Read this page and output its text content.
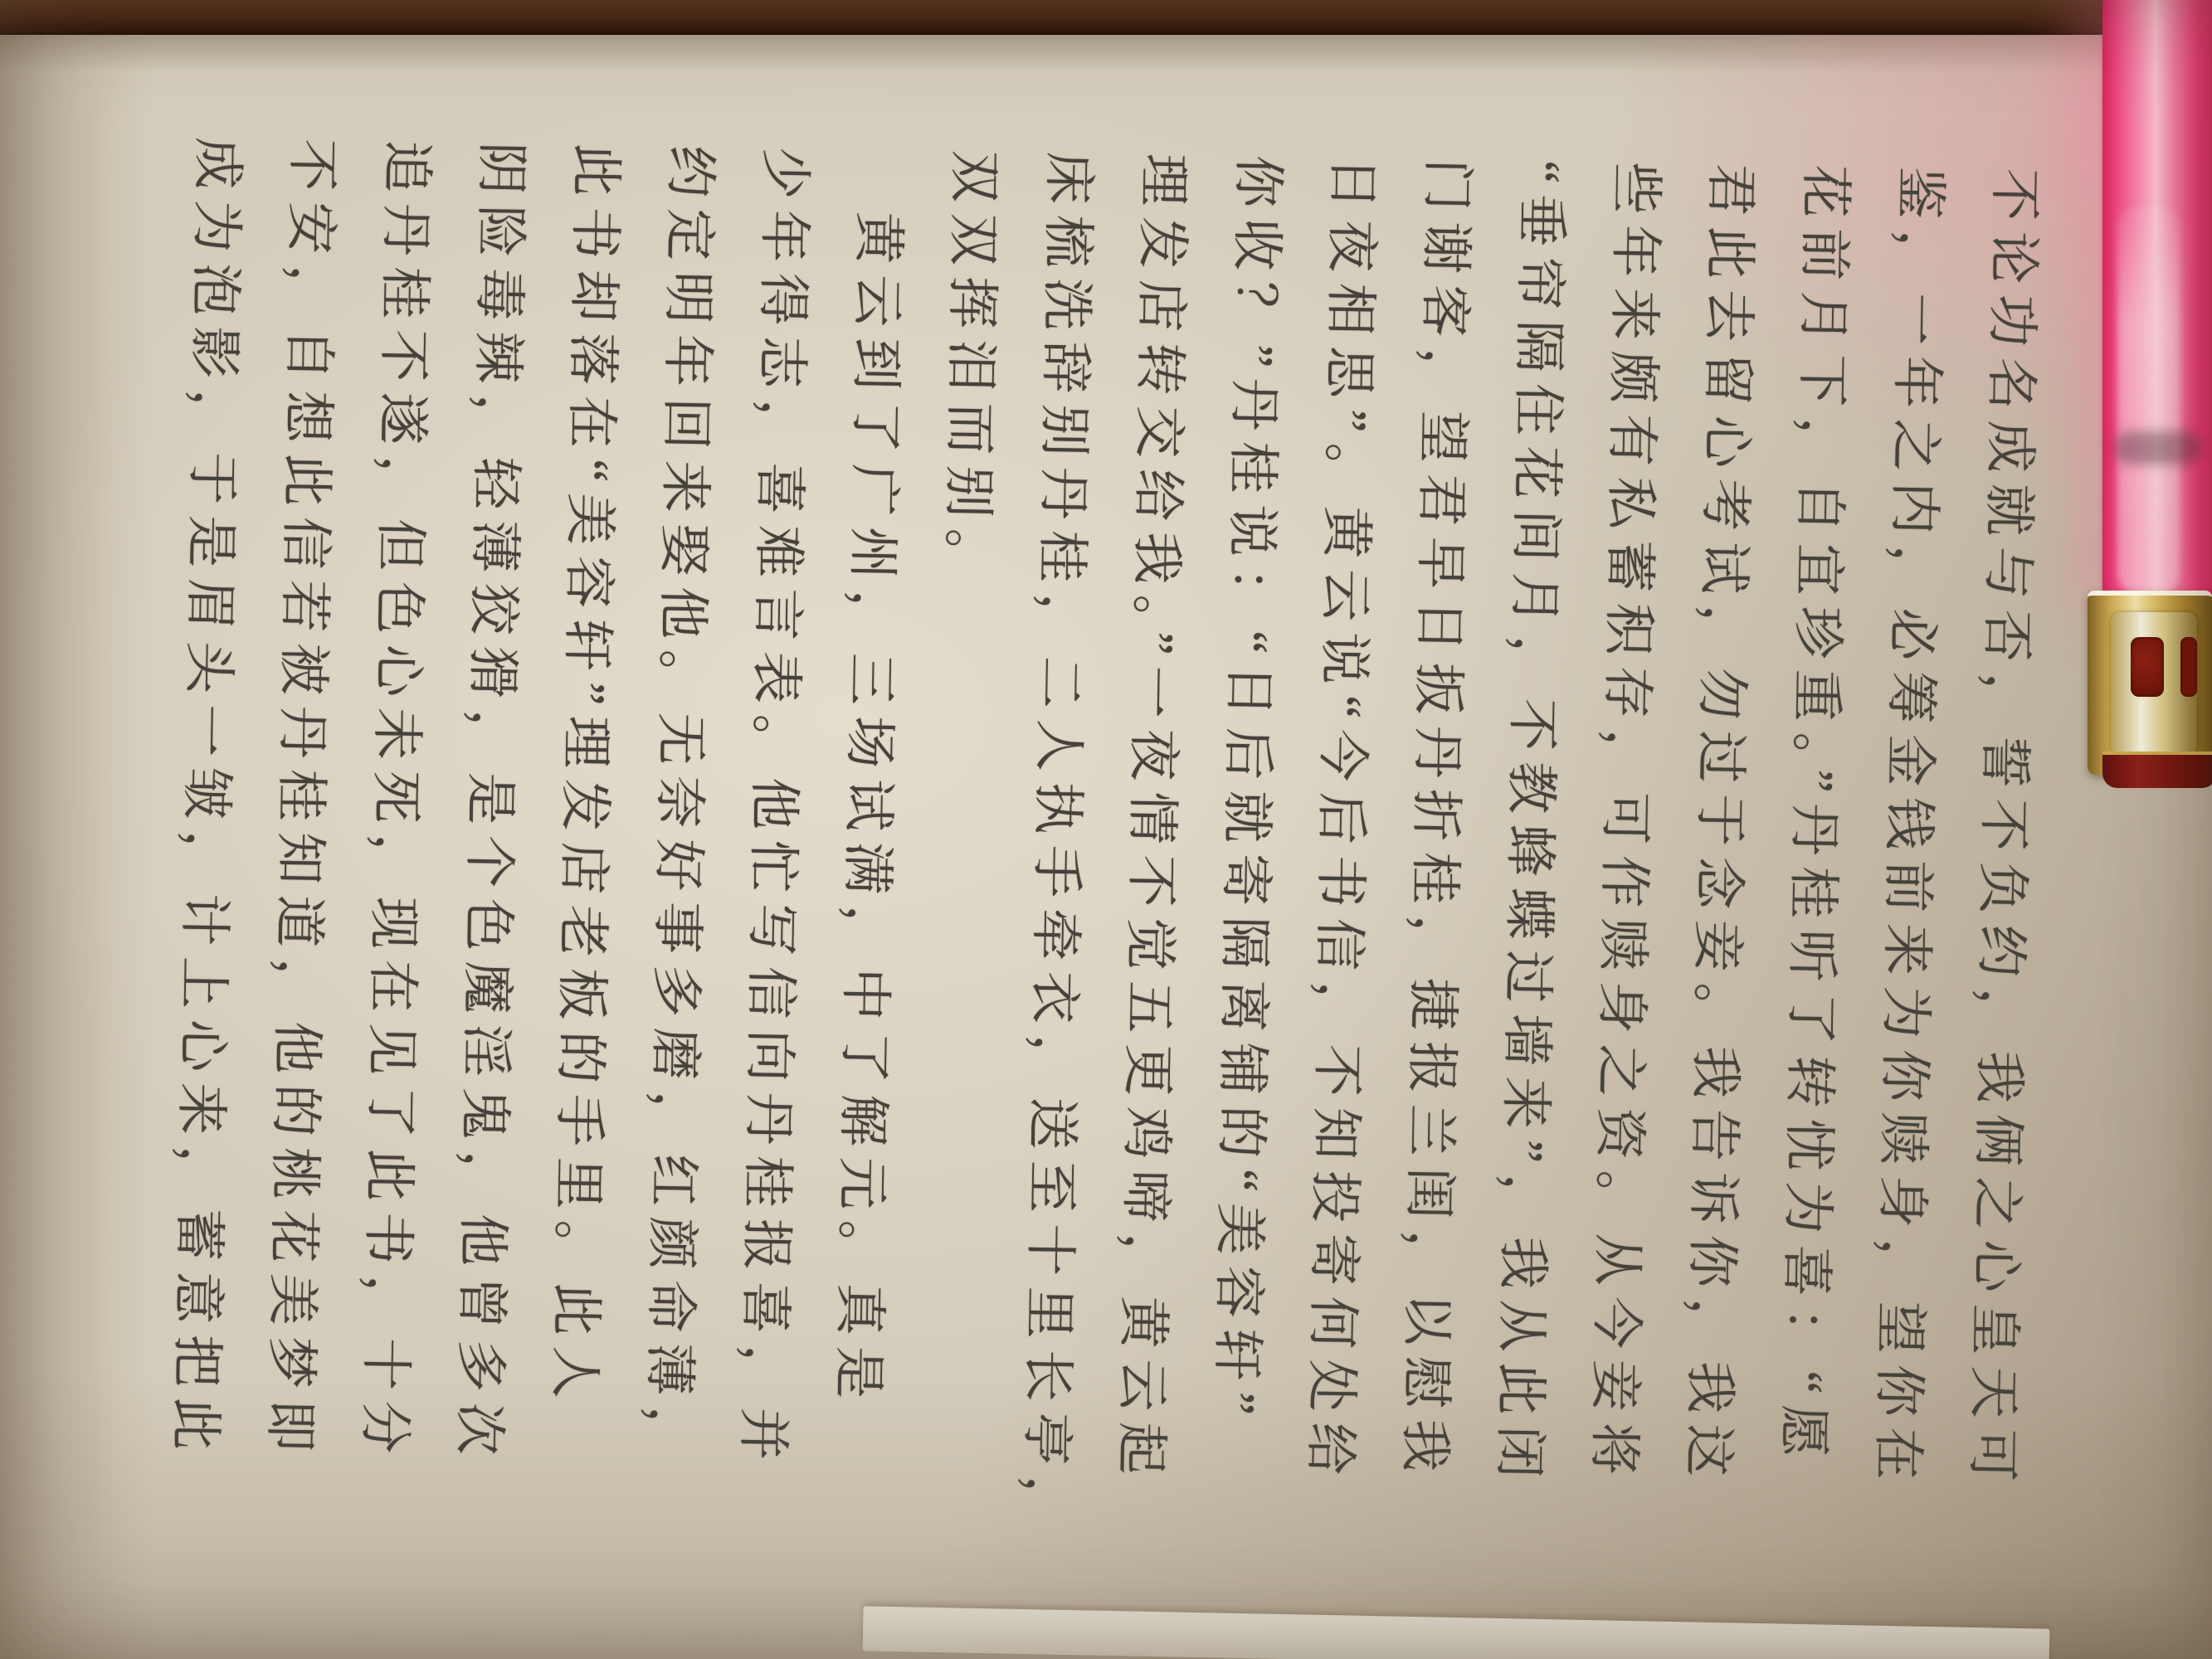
不论功名成就与否，誓不负约，我俩之心皇天可
鉴，一年之内，必筹金钱前来为你赎身，望你在
花前月下，自宜珍重。”丹桂听了转忧为喜：“愿
君此去留心考试，勿过于念妾。我告诉你，我这
些年来颇有私蓄积存，可作赎身之资。从今妾将
“垂帘隔住花间月，不教蜂蝶过墙来”，我从此闭
门谢客，望君早日扳丹折桂，捷报兰闺，以慰我
日夜相思”。黄云说“今后书信，不知投寄何处给
你收？”丹桂说：“日后就寄隔离铺的“美容轩”
理发店转交给我。”一夜情不觉五更鸡啼，黄云起
床梳洗辞别丹桂，二人执手牵衣，送至十里长亭，
双双挥泪而别。
　黄云到了广州，三场试满，中了解元。真是
少年得志，喜难言表。他忙写信向丹桂报喜，并
约定明年回来娶他。无奈好事多磨，红颜命薄，
此书却落在“美容轩”理发店老板的手里。此人
阴险毒辣，轻薄狡猾，是个色魔淫鬼，他曾多次
追丹桂不遂，但色心未死，现在见了此书，十分
不安，自想此信若被丹桂知道，他的桃花美梦即
成为泡影，于是眉头一皱，计上心来，蓄意把此
